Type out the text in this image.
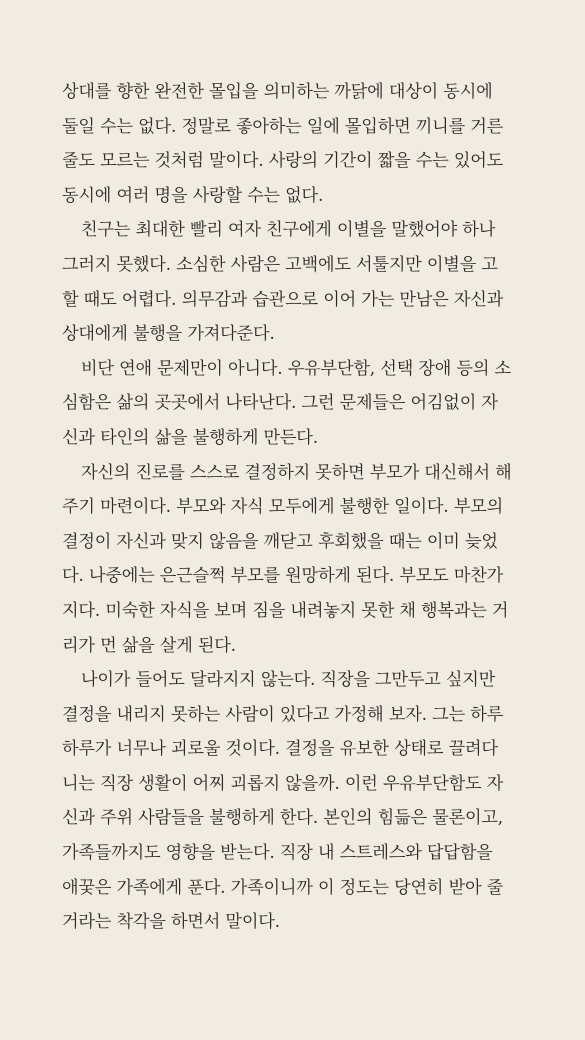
상대를 향한 완전한 몰입을 의미하는 까닭에 대상이 동시에
둘일 수는 없다. 정말로 좋아하는 일에 몰입하면 끼니를 거른
줄도 모르는 것처럼 말이다. 사랑의 기간이 짧을 수는 있어도
동시에 여러 명을 사랑할 수는 없다.
친구는 최대한 빨리 여자 친구에게 이별을 말했어야 하나
그러지 못했다. 소심한 사람은 고백에도 서툴지만 이별을 고
할 때도 어렵다. 의무감과 습관으로 이어 가는 만남은 자신과
상대에게 불행을 가져다준다.
비단 연애 문제만이 아니다. 우유부단함, 선택 장애 등의 소
심함은 삶의 곳곳에서 나타난다. 그런 문제들은 어김없이 자
신과 타인의 삶을 불행하게 만든다.
자신의 진로를 스스로 결정하지 못하면 부모가 대신해서 해
주기 마련이다. 부모와 자식 모두에게 불행한 일이다. 부모의
결정이 자신과 맞지 않음을 깨닫고 후회했을 때는 이미 늦었
다. 나중에는 은근슬쩍 부모를 원망하게 된다. 부모도 마찬가
지다. 미숙한 자식을 보며 짐을 내려놓지 못한 채 행복과는 거
리가 먼 삶을 살게 된다.
나이가 들어도 달라지지 않는다. 직장을 그만두고 싶지만
결정을 내리지 못하는 사람이 있다고 가정해 보자. 그는 하루
하루가 너무나 괴로울 것이다. 결정을 유보한 상태로 끌려다
니는 직장 생활이 어찌 괴롭지 않을까. 이런 우유부단함도 자
신과 주위 사람들을 불행하게 한다. 본인의 힘듦은 물론이고,
가족들까지도 영향을 받는다. 직장 내 스트레스와 답답함을
애꿎은 가족에게 푼다. 가족이니까 이 정도는 당연히 받아 줄
거라는 착각을 하면서 말이다.
